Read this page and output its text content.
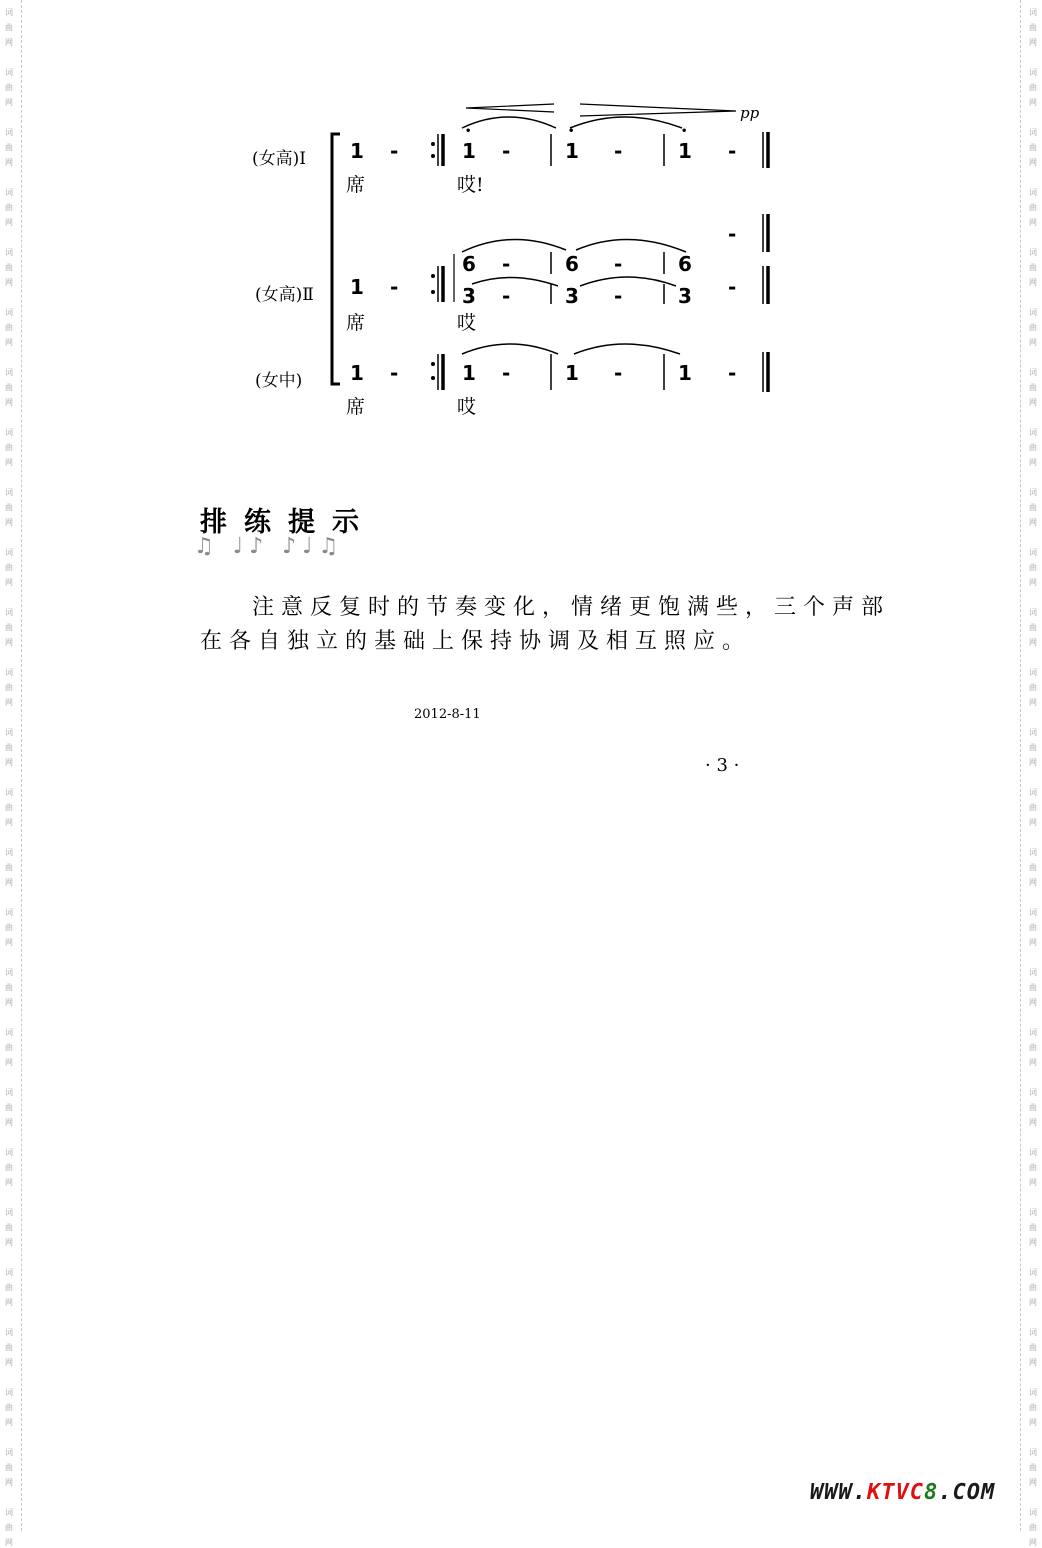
词
曲
网
词
曲
网
词
曲
网
词
曲
网
词
曲
网
词
曲
网
词
曲
网
词
曲
网
词
曲
网
词
曲
网
词
曲
网
词
曲
网
词
曲
网
词
曲
网
词
曲
网
词
曲
网
词
曲
网
词
曲
网
词
曲
网
词
曲
网
词
曲
网
词
曲
网
词
曲
网
词
曲
网
词
曲
网
词
曲
网
词
曲
网
词
曲
网
词
曲
网
词
曲
网
词
曲
网
词
曲
网
词
曲
网
词
曲
网
词
曲
网
词
曲
网
词
曲
网
词
曲
网
词
曲
网
词
曲
网
词
曲
网
词
曲
网
词
曲
网
词
曲
网
词
曲
网
词
曲
网
词
曲
网
词
曲
网
词
曲
网
词
曲
网
词
曲
网
词
曲
网
pp
(女高)Ⅰ 1 -
•
1 -
•
1 -
•
1 -
席	哎!
-
(女高)Ⅱ 1 -
6 -	6 -	6
3 -	3 -	3 -
席	哎
(女中) 1 -	1 -	1 -	1 -
席	哎
排练提示
♫ ♩♪ ♪♩♫
注意反复时的节奏变化，情绪更饱满些，三个声部
在各自独立的基础上保持协调及相互照应。
2012-8-11
· 3 ·
WWW.KTVC8.COM
